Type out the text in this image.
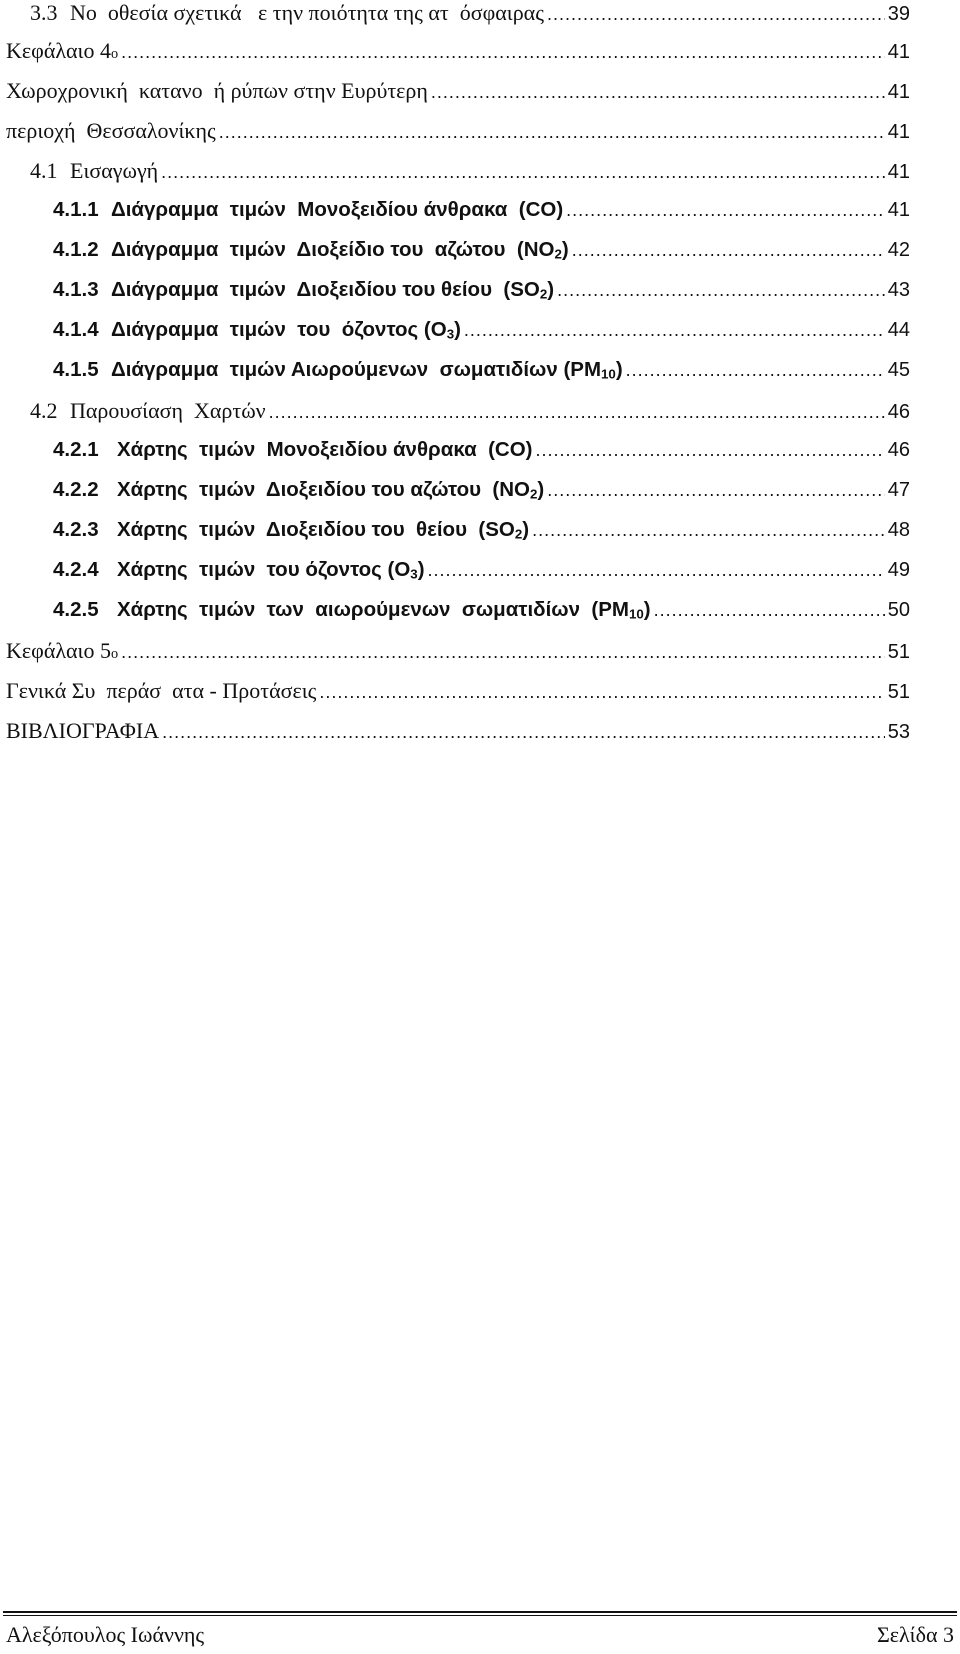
3.3 Νο  οθεσία σχετικά   ε την ποιότητα της ατ  όσφαιρας .....	39
Κεφάλαιο 4 ο .....	41
Χωροχρονική  κατανο  ή ρύπων στην Ευρύτερη .....	41
περιοχή  Θεσσαλονίκης .....	41
4.1 Εισαγωγή .....	41
4.1.1 Διάγραμμα  τιμών  Μονοξειδίου άνθρακα  (CO) .....	41
4.1.2 Διάγραμμα  τιμών  Διοξείδιο του  αζώτου  $(NO_2)$ .....	42
4.1.3 Διάγραμμα  τιμών  Διοξειδίου του θείου  $(SO_2)$ .....	43
4.1.4 Διάγραμμα  τιμών  του  όζοντος $(O_3)$ .....	44
4.1.5 Διάγραμμα  τιμών Αιωρούμενων  σωματιδίων $(PM_{10})$ .....	45
4.2 Παρουσίαση  Χαρτών .....	46
4.2.1 Χάρτης  τιμών  Μονοξειδίου άνθρακα  (CO) .....	46
4.2.2 Χάρτης  τιμών  Διοξειδίου του αζώτου  $(NO_2)$ .....	47
4.2.3 Χάρτης  τιμών  Διοξειδίου του  θείου  $(SO_2)$ .....	48
4.2.4 Χάρτης  τιμών  του όζοντος $(O_3)$ .....	49
4.2.5 Χάρτης  τιμών  των  αιωρούμενων  σωματιδίων  $(PM_{10})$ .....	50
Κεφάλαιο 5 ο .....	51
Γενικά Συ  περάσ  ατα - Προτάσεις .....	51
ΒΙΒΛΙΟΓΡΑΦΙΑ .....	53
Αλεξόπουλος Ιωάννης	Σελίδα 3
